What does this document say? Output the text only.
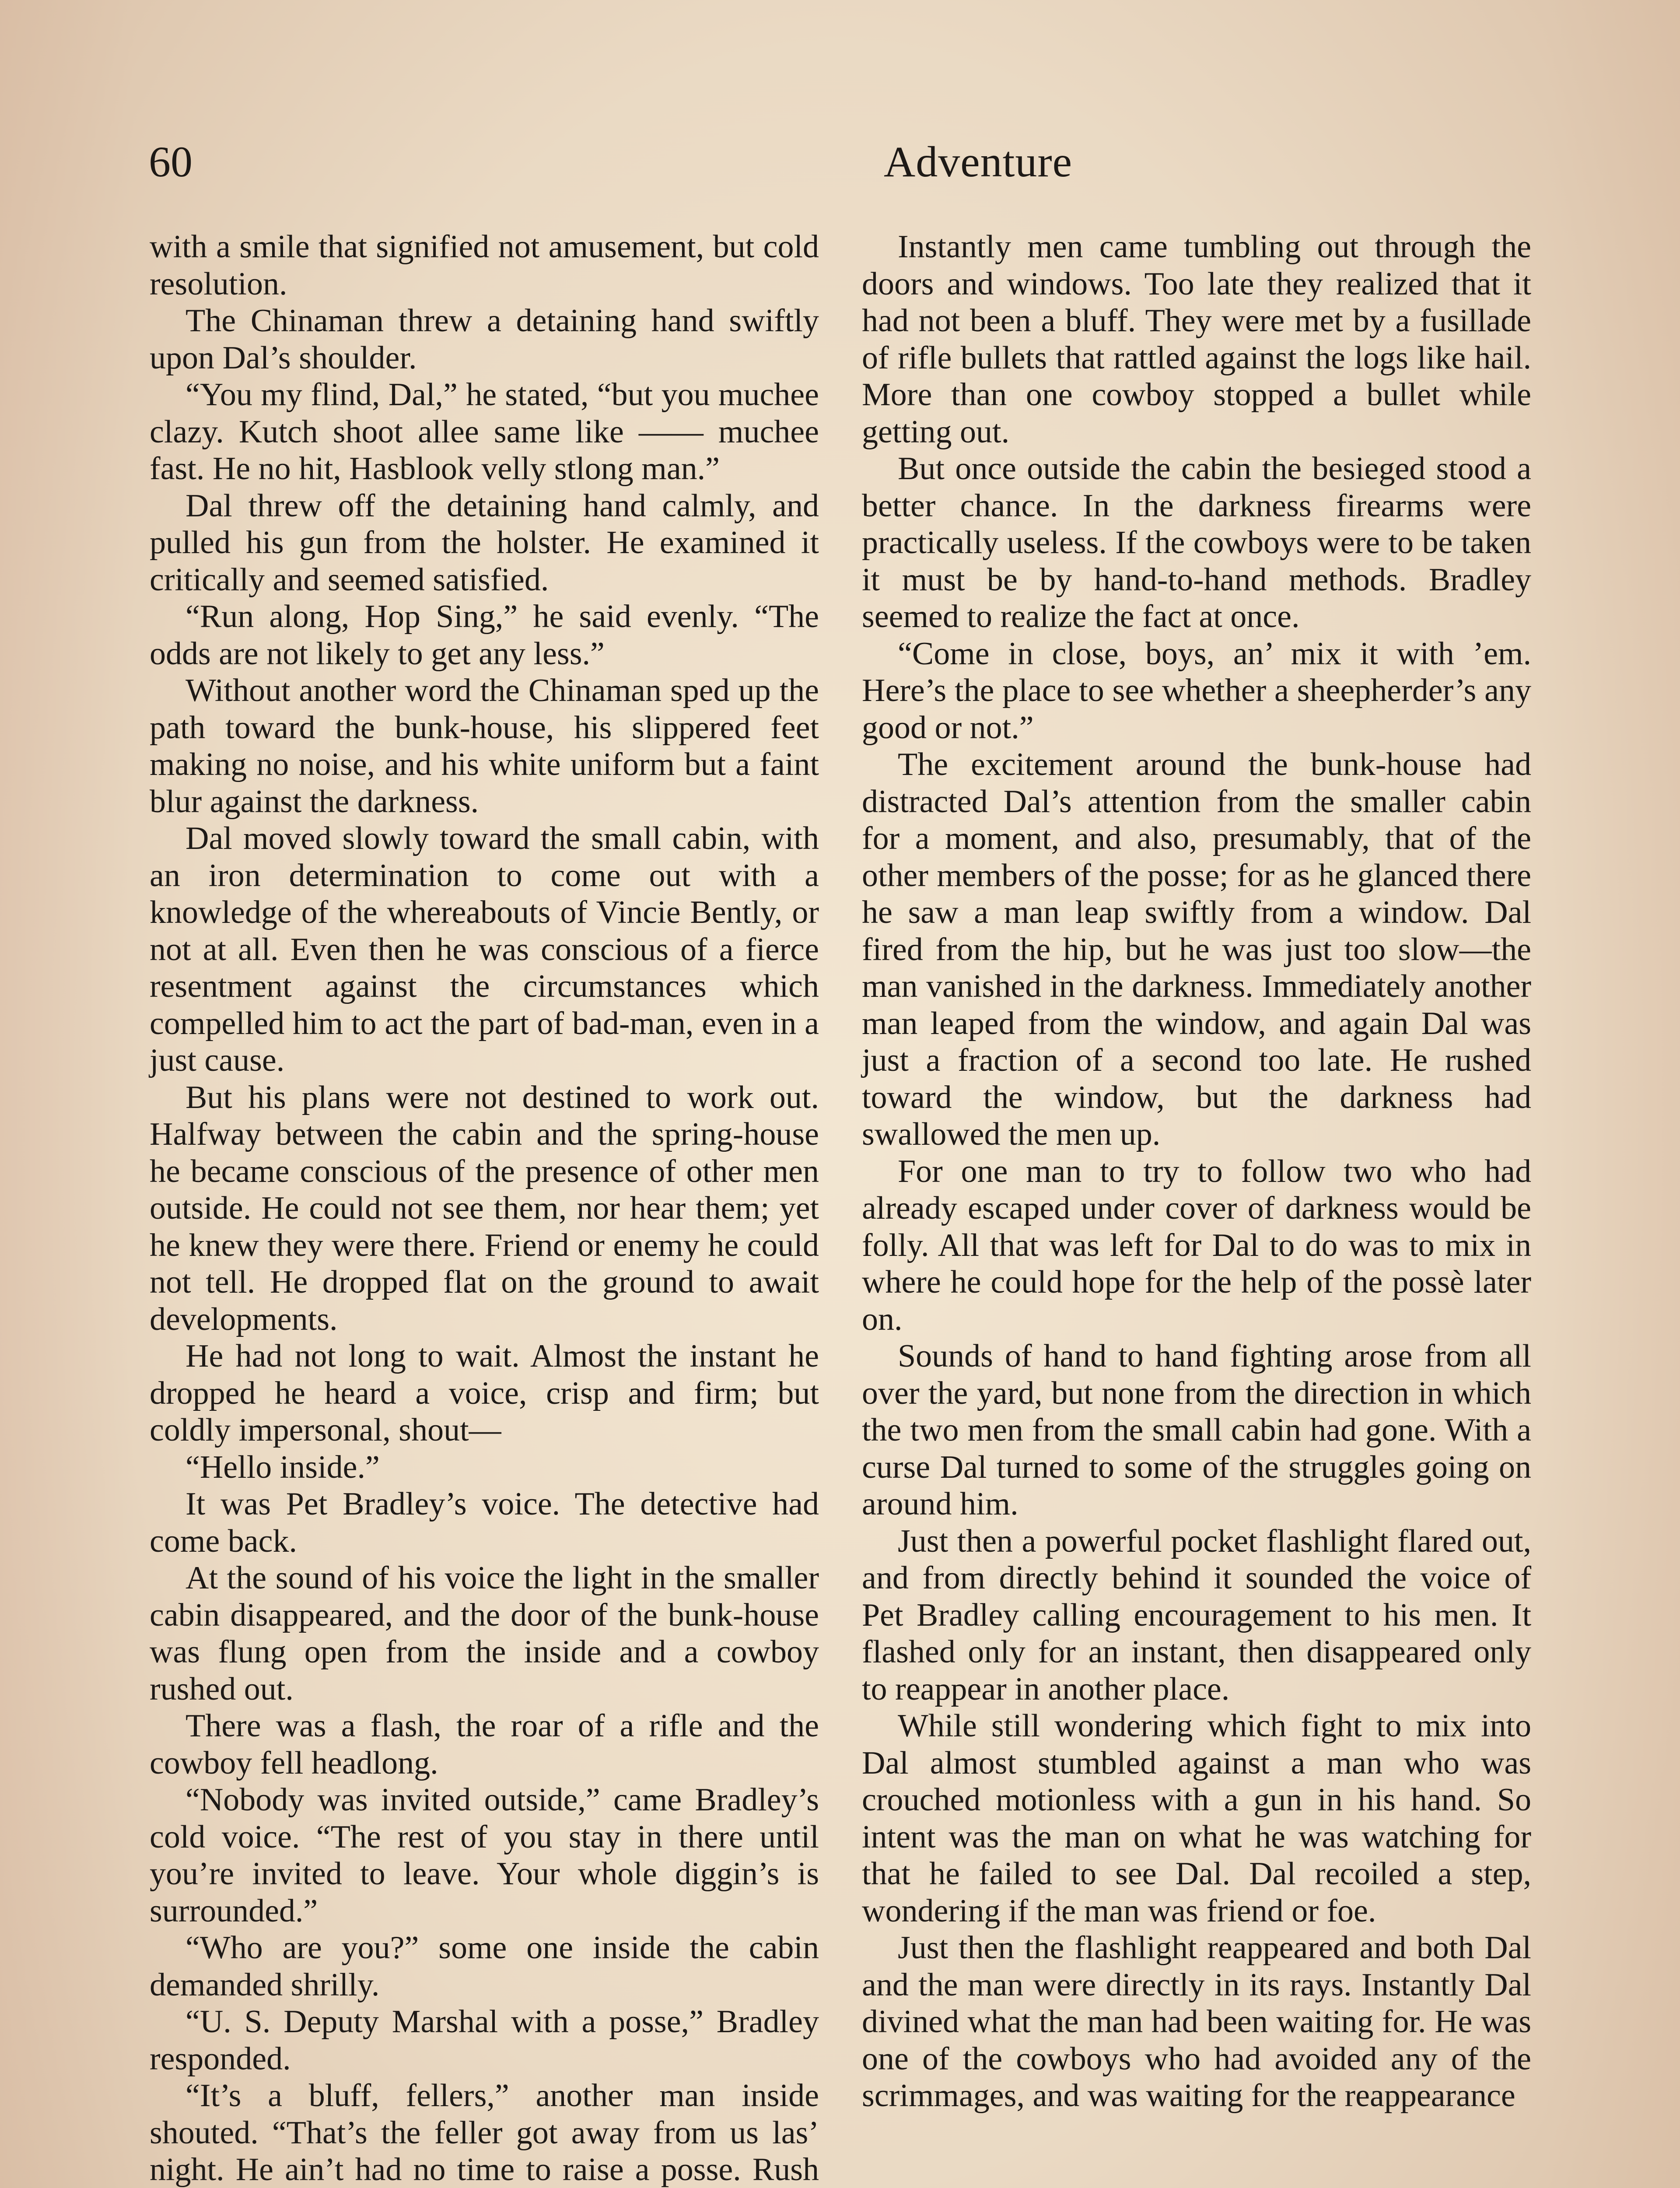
60	Adventure

with a smile that signified not amusement, but cold resolution.

The Chinaman threw a detaining hand swiftly upon Dal’s shoulder.

“You my flind, Dal,” he stated, “but you muchee clazy. Kutch shoot allee same like —— muchee fast. He no hit, Hasblook velly stlong man.”

Dal threw off the detaining hand calmly, and pulled his gun from the holster. He examined it critically and seemed satisfied.

“Run along, Hop Sing,” he said evenly. “The odds are not likely to get any less.”

Without another word the Chinaman sped up the path toward the bunk-house, his slippered feet making no noise, and his white uniform but a faint blur against the darkness.

Dal moved slowly toward the small cabin, with an iron determination to come out with a knowledge of the whereabouts of Vincie Bently, or not at all. Even then he was conscious of a fierce resentment against the circumstances which compelled him to act the part of bad-man, even in a just cause.

But his plans were not destined to work out. Halfway between the cabin and the spring-house he became conscious of the presence of other men outside. He could not see them, nor hear them; yet he knew they were there. Friend or enemy he could not tell. He dropped flat on the ground to await developments.

He had not long to wait. Almost the instant he dropped he heard a voice, crisp and firm; but coldly impersonal, shout—

“Hello inside.”

It was Pet Bradley’s voice. The detective had come back.

At the sound of his voice the light in the smaller cabin disappeared, and the door of the bunk-house was flung open from the inside and a cowboy rushed out.

There was a flash, the roar of a rifle and the cowboy fell headlong.

“Nobody was invited outside,” came Bradley’s cold voice. “The rest of you stay in there until you’re invited to leave. Your whole diggin’s is surrounded.”

“Who are you?” some one inside the cabin demanded shrilly.

“U. S. Deputy Marshal with a posse,” Bradley responded.

“It’s a bluff, fellers,” another man inside shouted. “That’s the feller got away from us las’ night. He ain’t had no time to raise a posse. Rush

Instantly men came tumbling out through the doors and windows. Too late they realized that it had not been a bluff. They were met by a fusillade of rifle bullets that rattled against the logs like hail. More than one cowboy stopped a bullet while getting out.

But once outside the cabin the besieged stood a better chance. In the darkness firearms were practically useless. If the cowboys were to be taken it must be by hand-to-hand methods. Bradley seemed to realize the fact at once.

“Come in close, boys, an’ mix it with ’em. Here’s the place to see whether a sheepherder’s any good or not.”

The excitement around the bunk-house had distracted Dal’s attention from the smaller cabin for a moment, and also, presumably, that of the other members of the posse; for as he glanced there he saw a man leap swiftly from a window. Dal fired from the hip, but he was just too slow—the man vanished in the darkness. Immediately another man leaped from the window, and again Dal was just a fraction of a second too late. He rushed toward the window, but the darkness had swallowed the men up.

For one man to try to follow two who had already escaped under cover of darkness would be folly. All that was left for Dal to do was to mix in where he could hope for the help of the possè later on.

Sounds of hand to hand fighting arose from all over the yard, but none from the direction in which the two men from the small cabin had gone. With a curse Dal turned to some of the struggles going on around him.

Just then a powerful pocket flashlight flared out, and from directly behind it sounded the voice of Pet Bradley calling encouragement to his men. It flashed only for an instant, then disappeared only to reappear in another place.

While still wondering which fight to mix into Dal almost stumbled against a man who was crouched motionless with a gun in his hand. So intent was the man on what he was watching for that he failed to see Dal. Dal recoiled a step, wondering if the man was friend or foe.

Just then the flashlight reappeared and both Dal and the man were directly in its rays. Instantly Dal divined what the man had been waiting for. He was one of the cowboys who had avoided any of the scrimmages, and was waiting for the reappearance
